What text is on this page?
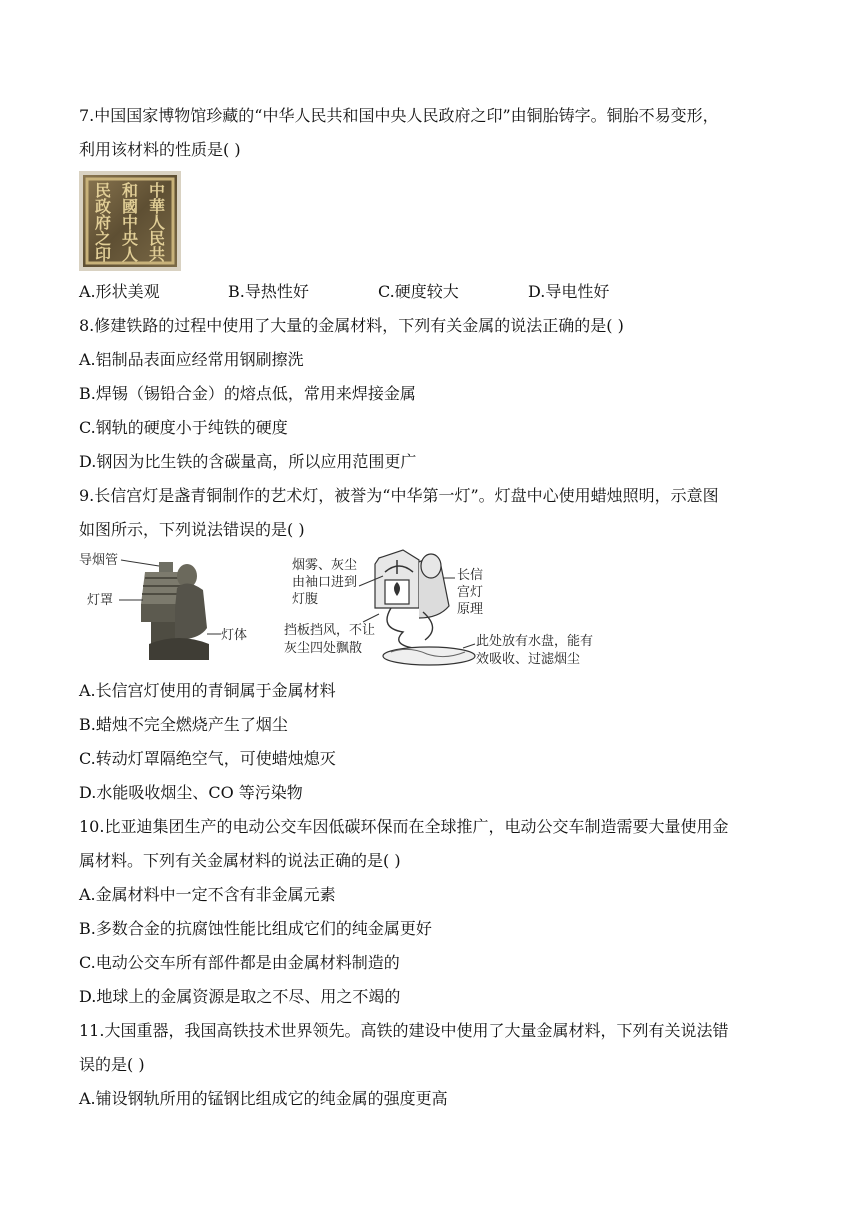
7.中国国家博物馆珍藏的“中华人民共和国中央人民政府之印”由铜胎铸字。铜胎不易变形，
利用该材料的性质是( )
中
華
人
民
共
和
國
中
央
人
民
政
府
之
印
A.形状美观	B.导热性好	C.硬度较大	D.导电性好
8.修建铁路的过程中使用了大量的金属材料，下列有关金属的说法正确的是( )
A.铝制品表面应经常用钢刷擦洗
B.焊锡（锡铅合金）的熔点低，常用来焊接金属
C.钢轨的硬度小于纯铁的硬度
D.钢因为比生铁的含碳量高，所以应用范围更广
9.长信宫灯是盏青铜制作的艺术灯，被誉为“中华第一灯”。灯盘中心使用蜡烛照明，示意图
如图所示，下列说法错误的是( )
导烟管
灯罩
灯体
烟雾、灰尘
由袖口进到
灯腹
长信
宫灯
原理
挡板挡风，不让
灰尘四处飘散	此处放有水盘，能有
效吸收、过滤烟尘
A.长信宫灯使用的青铜属于金属材料
B.蜡烛不完全燃烧产生了烟尘
C.转动灯罩隔绝空气，可使蜡烛熄灭
D.水能吸收烟尘、CO 等污染物
10.比亚迪集团生产的电动公交车因低碳环保而在全球推广，电动公交车制造需要大量使用金
属材料。下列有关金属材料的说法正确的是( )
A.金属材料中一定不含有非金属元素
B.多数合金的抗腐蚀性能比组成它们的纯金属更好
C.电动公交车所有部件都是由金属材料制造的
D.地球上的金属资源是取之不尽、用之不竭的
11.大国重器，我国高铁技术世界领先。高铁的建设中使用了大量金属材料，下列有关说法错
误的是( )
A.铺设钢轨所用的锰钢比组成它的纯金属的强度更高
